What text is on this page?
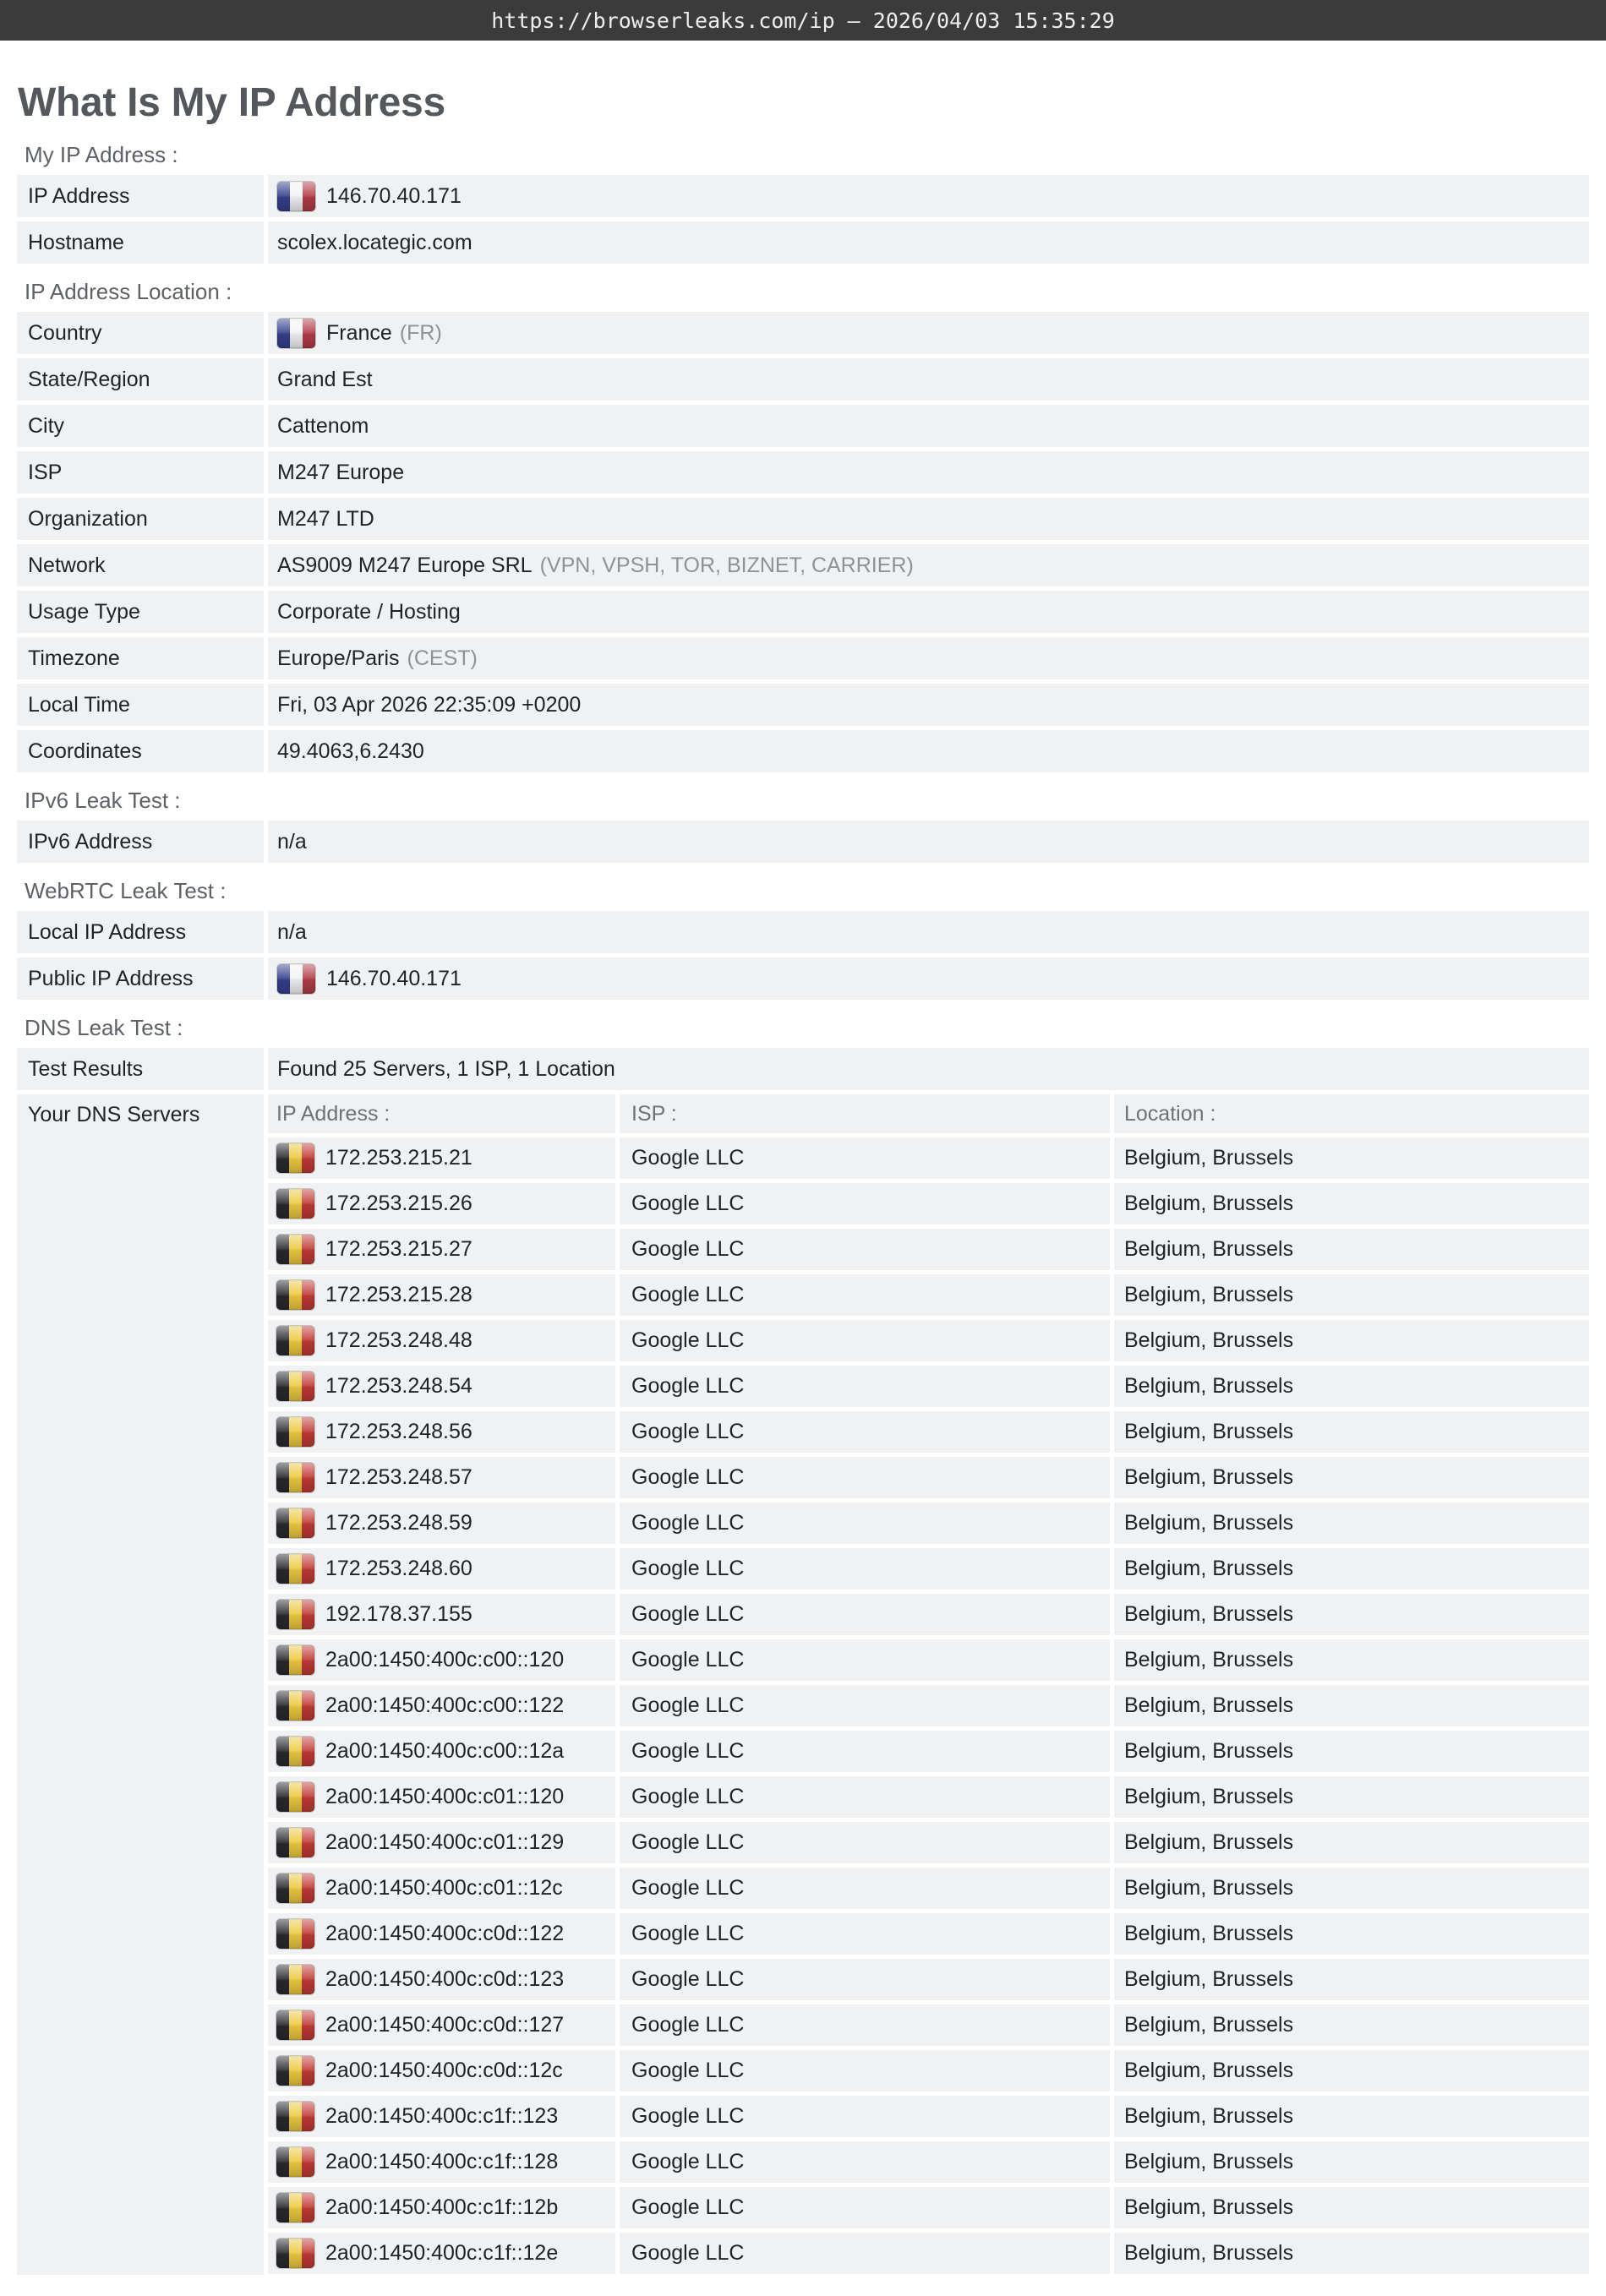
https://browserleaks.com/ip — 2026/04/03 15:35:29
What Is My IP Address
My IP Address :
IP Address	146.70.40.171
Hostname	scolex.locategic.com
IP Address Location :
Country	France (FR)
State/Region	Grand Est
City	Cattenom
ISP	M247 Europe
Organization	M247 LTD
Network	AS9009 M247 Europe SRL (VPN, VPSH, TOR, BIZNET, CARRIER)
Usage Type	Corporate / Hosting
Timezone	Europe/Paris (CEST)
Local Time	Fri, 03 Apr 2026 22:35:09 +0200
Coordinates	49.4063,6.2430
IPv6 Leak Test :
IPv6 Address	n/a
WebRTC Leak Test :
Local IP Address	n/a
Public IP Address	146.70.40.171
DNS Leak Test :
Test Results	Found 25 Servers, 1 ISP, 1 Location
Your DNS Servers	IP Address :	ISP :	Location :
172.253.215.21	Google LLC	Belgium, Brussels
172.253.215.26	Google LLC	Belgium, Brussels
172.253.215.27	Google LLC	Belgium, Brussels
172.253.215.28	Google LLC	Belgium, Brussels
172.253.248.48	Google LLC	Belgium, Brussels
172.253.248.54	Google LLC	Belgium, Brussels
172.253.248.56	Google LLC	Belgium, Brussels
172.253.248.57	Google LLC	Belgium, Brussels
172.253.248.59	Google LLC	Belgium, Brussels
172.253.248.60	Google LLC	Belgium, Brussels
192.178.37.155	Google LLC	Belgium, Brussels
2a00:1450:400c:c00::120	Google LLC	Belgium, Brussels
2a00:1450:400c:c00::122	Google LLC	Belgium, Brussels
2a00:1450:400c:c00::12a	Google LLC	Belgium, Brussels
2a00:1450:400c:c01::120	Google LLC	Belgium, Brussels
2a00:1450:400c:c01::129	Google LLC	Belgium, Brussels
2a00:1450:400c:c01::12c	Google LLC	Belgium, Brussels
2a00:1450:400c:c0d::122	Google LLC	Belgium, Brussels
2a00:1450:400c:c0d::123	Google LLC	Belgium, Brussels
2a00:1450:400c:c0d::127	Google LLC	Belgium, Brussels
2a00:1450:400c:c0d::12c	Google LLC	Belgium, Brussels
2a00:1450:400c:c1f::123	Google LLC	Belgium, Brussels
2a00:1450:400c:c1f::128	Google LLC	Belgium, Brussels
2a00:1450:400c:c1f::12b	Google LLC	Belgium, Brussels
2a00:1450:400c:c1f::12e	Google LLC	Belgium, Brussels
